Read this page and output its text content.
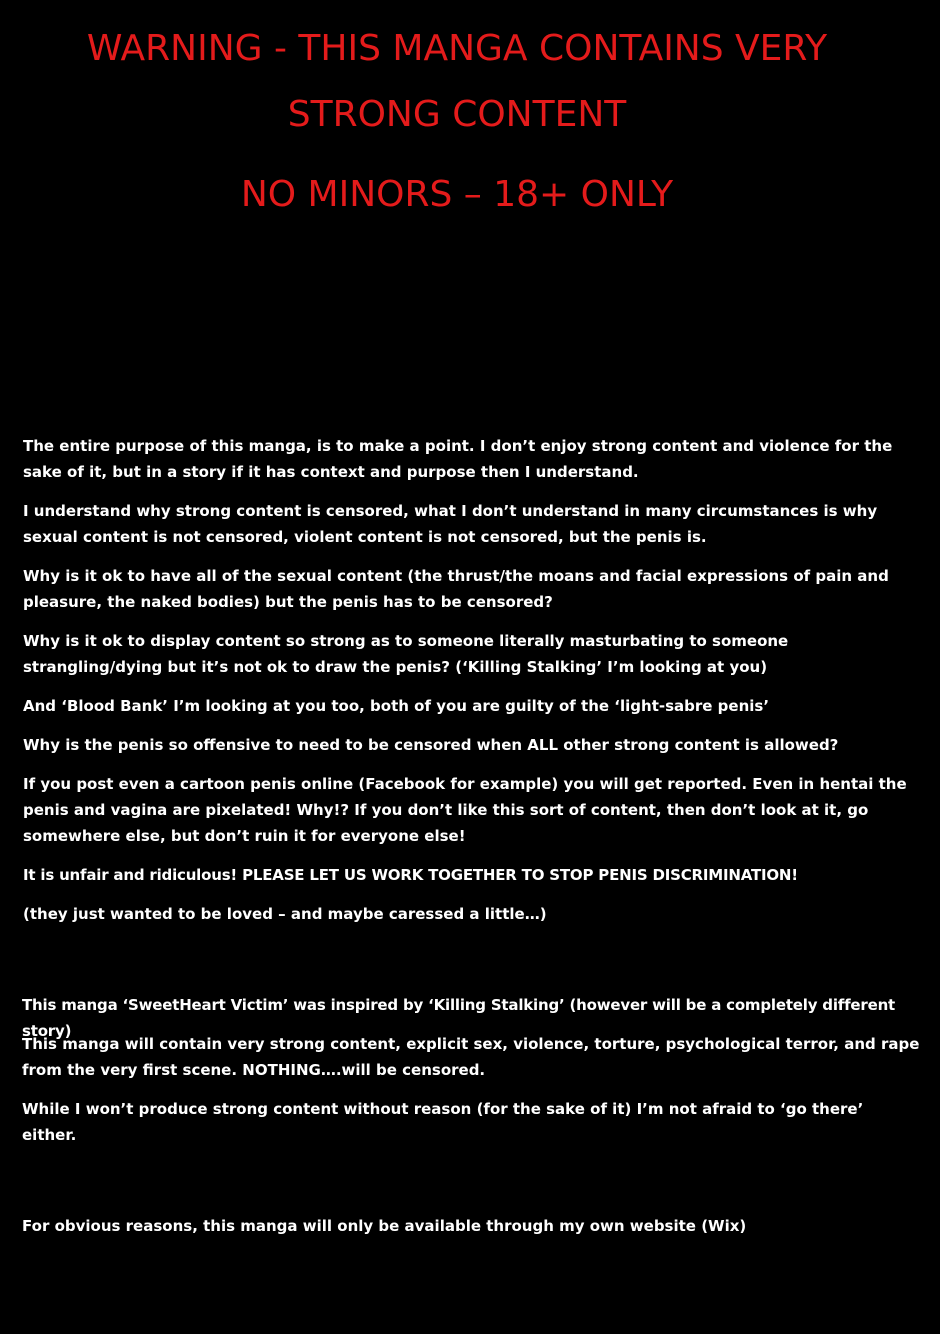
WARNING - THIS MANGA CONTAINS VERY
STRONG CONTENT
NO MINORS – 18+ ONLY

The entire purpose of this manga, is to make a point. I don’t enjoy strong content and violence for the sake of it, but in a story if it has context and purpose then I understand.

I understand why strong content is censored, what I don’t understand in many circumstances is why sexual content is not censored, violent content is not censored, but the penis is.

Why is it ok to have all of the sexual content (the thrust/the moans and facial expressions of pain and pleasure, the naked bodies) but the penis has to be censored?

Why is it ok to display content so strong as to someone literally masturbating to someone strangling/dying but it’s not ok to draw the penis? (‘Killing Stalking’ I’m looking at you)

And ‘Blood Bank’ I’m looking at you too, both of you are guilty of the ‘light-sabre penis’

Why is the penis so offensive to need to be censored when ALL other strong content is allowed?

If you post even a cartoon penis online (Facebook for example) you will get reported. Even in hentai the penis and vagina are pixelated! Why!? If you don’t like this sort of content, then don’t look at it, go somewhere else, but don’t ruin it for everyone else!

It is unfair and ridiculous! PLEASE LET US WORK TOGETHER TO STOP PENIS DISCRIMINATION!

(they just wanted to be loved – and maybe caressed a little…)

This manga ‘SweetHeart Victim’ was inspired by ‘Killing Stalking’ (however will be a completely different story)

This manga will contain very strong content, explicit sex, violence, torture, psychological terror, and rape from the very first scene. NOTHING….will be censored.

While I won’t produce strong content without reason (for the sake of it) I’m not afraid to ‘go there’ either.

For obvious reasons, this manga will only be available through my own website (Wix)
